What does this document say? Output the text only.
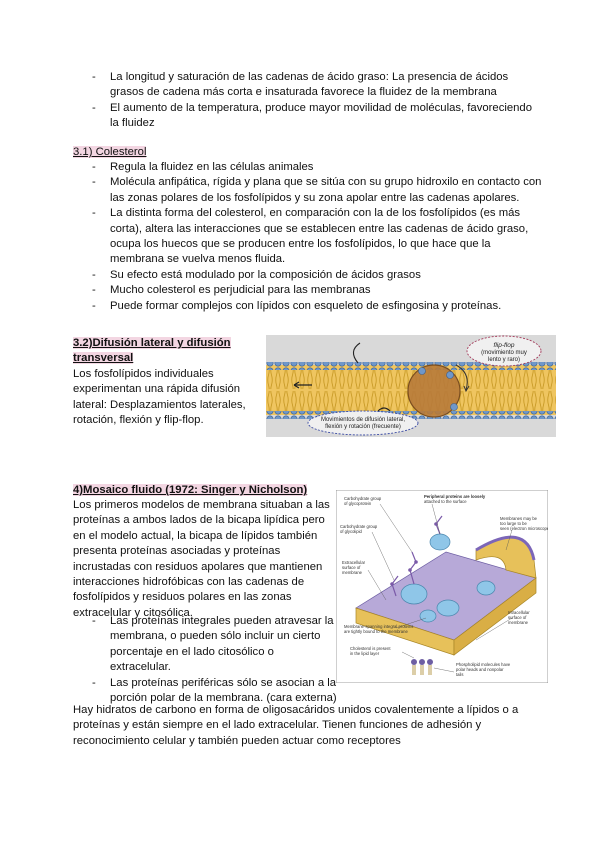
- La longitud y saturación de las cadenas de ácido graso: La presencia de ácidos grasos de cadena más corta e insaturada favorece la fluidez de la membrana
- El aumento de la temperatura, produce mayor movilidad de moléculas, favoreciendo la fluidez
3.1) Colesterol
- Regula la fluidez en las células animales
- Molécula anfipática, rígida y plana que se sitúa con su grupo hidroxilo en contacto con las zonas polares de los fosfolípidos y su zona apolar entre las cadenas apolares.
- La distinta forma del colesterol, en comparación con la de los fosfolípidos (es más corta), altera las interacciones que se establecen entre las cadenas de ácido graso, ocupa los huecos que se producen entre los fosfolípidos, lo que hace que la membrana se vuelva menos fluida.
- Su efecto está modulado por la composición de ácidos grasos
- Mucho colesterol es perjudicial para las membranas
- Puede formar complejos con lípidos con esqueleto de esfingosina y proteínas.
3.2)Difusión lateral y difusión
transversal
Los fosfolípidos individuales experimentan una rápida difusión lateral: Desplazamientos laterales, rotación, flexión y flip-flop.
flip-flop
(movimiento muy
lento y raro)
Movimientos de difusión lateral,
flexión y rotación (frecuente)
4)Mosaico fluido (1972: Singer y Nicholson)
Los primeros modelos de membrana situaban a las proteínas a ambos lados de la bicapa lipídica pero en el modelo actual, la bicapa de lípidos también presenta proteínas asociadas y proteínas incrustadas con residuos apolares que mantienen interacciones hidrofóbicas con las cadenas de fosfolípidos y residuos polares en las zonas extracelular y citosólica.
- Las proteínas integrales pueden atravesar la membrana, o pueden sólo incluir un cierto porcentaje en el lado citosólico o extracelular.
- Las proteínas periféricas sólo se asocian a la porción polar de la membrana. (cara externa)
Hay hidratos de carbono en forma de oligosacáridos unidos covalentemente a lípidos o a proteínas y están siempre en el lado extracelular. Tienen funciones de adhesión y reconocimiento celular y también pueden actuar como receptores
Carbohydrate group
of glycoprotein
Peripheral proteins are loosely
attached to the surface
Carbohydrate group
of glycolipid
Membranes may be
too large to be
seen (electron microscope)
Extracellular
surface of
membrane
Intracellular
surface of
membrane
Membrane-spanning integral proteins
are tightly bound to the membrane
Cholesterol is present
in the lipid layer
Phospholipid molecules have
polar heads and nonpolar
tails
